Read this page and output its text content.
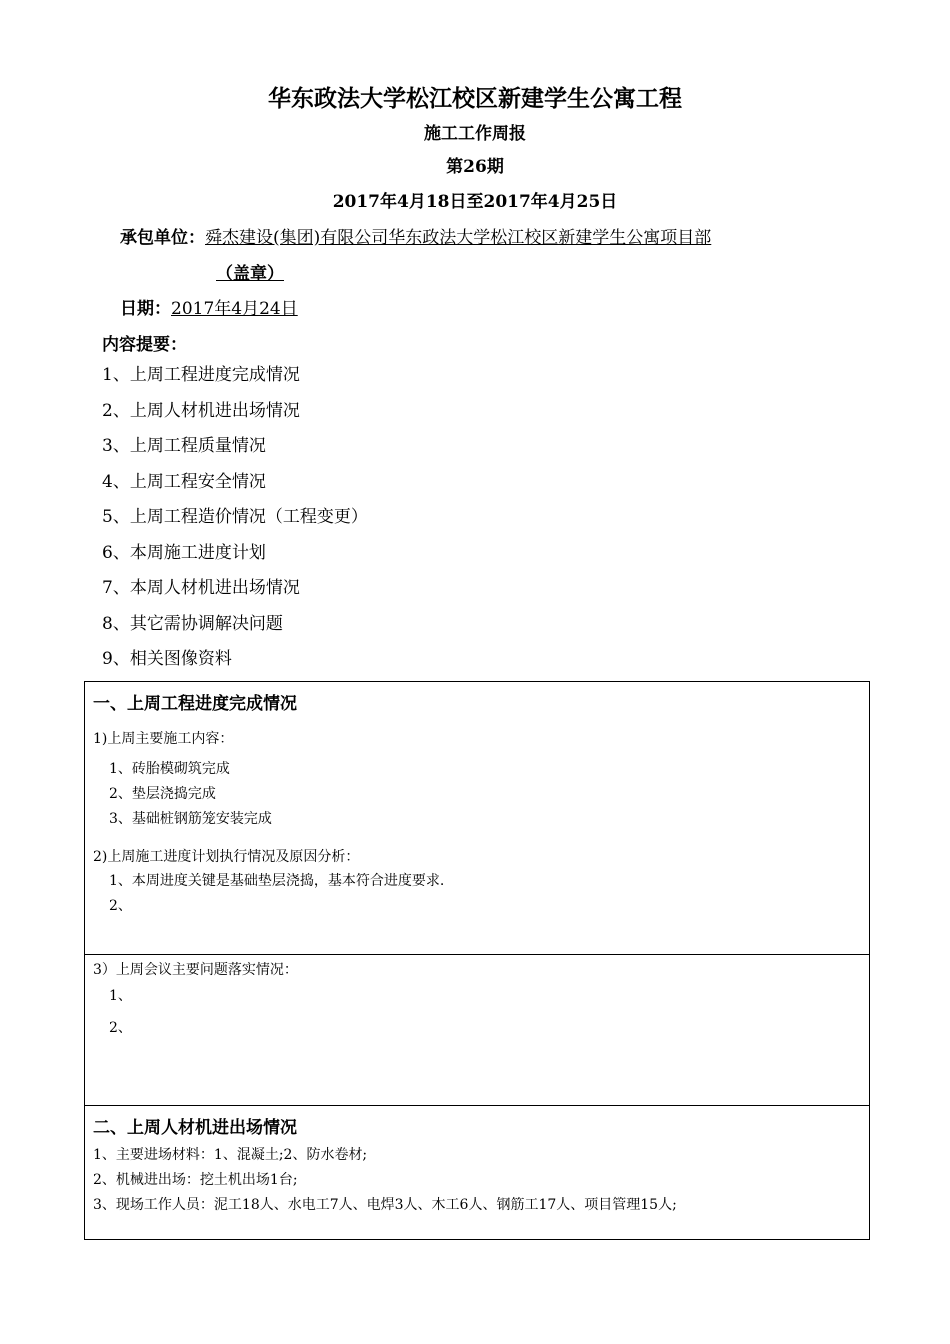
华东政法大学松江校区新建学生公寓工程
施工工作周报
第26期
2017年4月18日至2017年4月25日
承包单位：舜杰建设(集团)有限公司华东政法大学松江校区新建学生公寓项目部
（盖章）
日期：2017年4月24日
内容提要：
1、上周工程进度完成情况
2、上周人材机进出场情况
3、上周工程质量情况
4、上周工程安全情况
5、上周工程造价情况（工程变更）
6、本周施工进度计划
7、本周人材机进出场情况
8、其它需协调解决问题
9、相关图像资料
一、上周工程进度完成情况
1)上周主要施工内容：
1、砖胎模砌筑完成
2、垫层浇捣完成
3、基础桩钢筋笼安装完成
2)上周施工进度计划执行情况及原因分析：
1、本周进度关键是基础垫层浇捣，基本符合进度要求.
2、
3）上周会议主要问题落实情况：
1、
2、
二、上周人材机进出场情况
1、主要进场材料：1、混凝土;2、防水卷材;
2、机械进出场：挖土机出场1台;
3、现场工作人员：泥工18人、水电工7人、电焊3人、木工6人、钢筋工17人、项目管理15人;
